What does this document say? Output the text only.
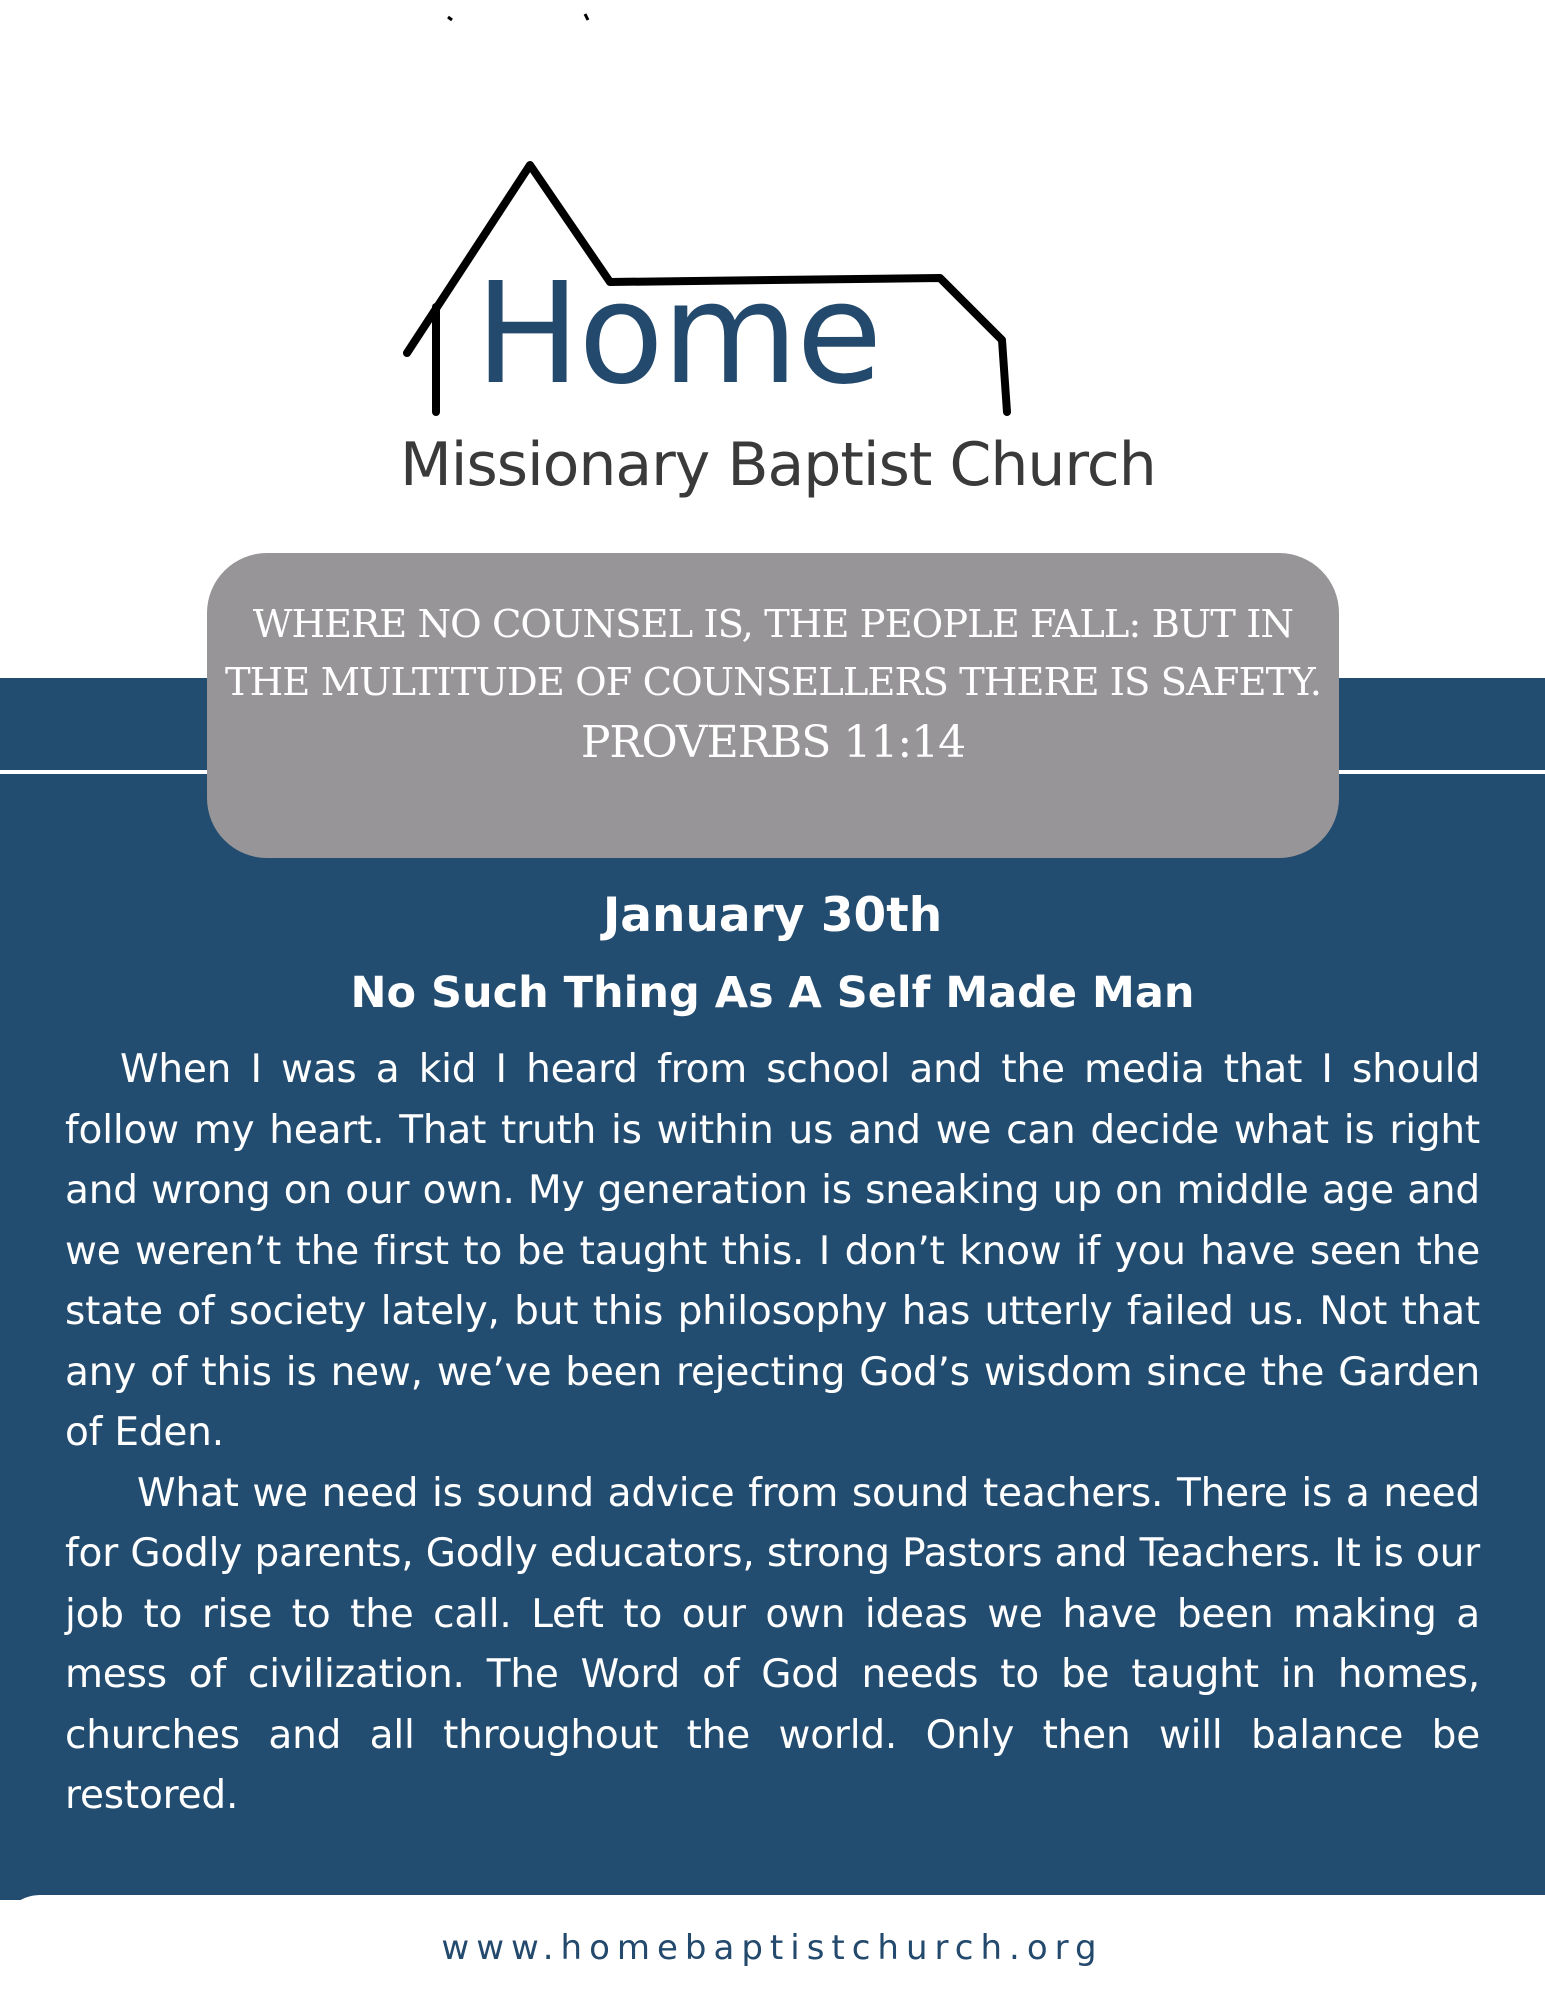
Home

Missionary Baptist Church

WHERE NO COUNSEL IS, THE PEOPLE FALL: BUT IN THE MULTITUDE OF COUNSELLERS THERE IS SAFETY.

PROVERBS 11:14

January 30th
No Such Thing As A Self Made Man

When I was a kid I heard from school and the media that I should follow my heart. That truth is within us and we can decide what is right and wrong on our own. My generation is sneaking up on middle age and we weren’t the first to be taught this. I don’t know if you have seen the state of society lately, but this philosophy has utterly failed us. Not that any of this is new, we’ve been rejecting God’s wisdom since the Garden of Eden.

What we need is sound advice from sound teachers. There is a need for Godly parents, Godly educators, strong Pastors and Teachers. It is our job to rise to the call. Left to our own ideas we have been making a mess of civilization. The Word of God needs to be taught in homes, churches and all throughout the world. Only then will balance be restored.

www.homebaptistchurch.org
